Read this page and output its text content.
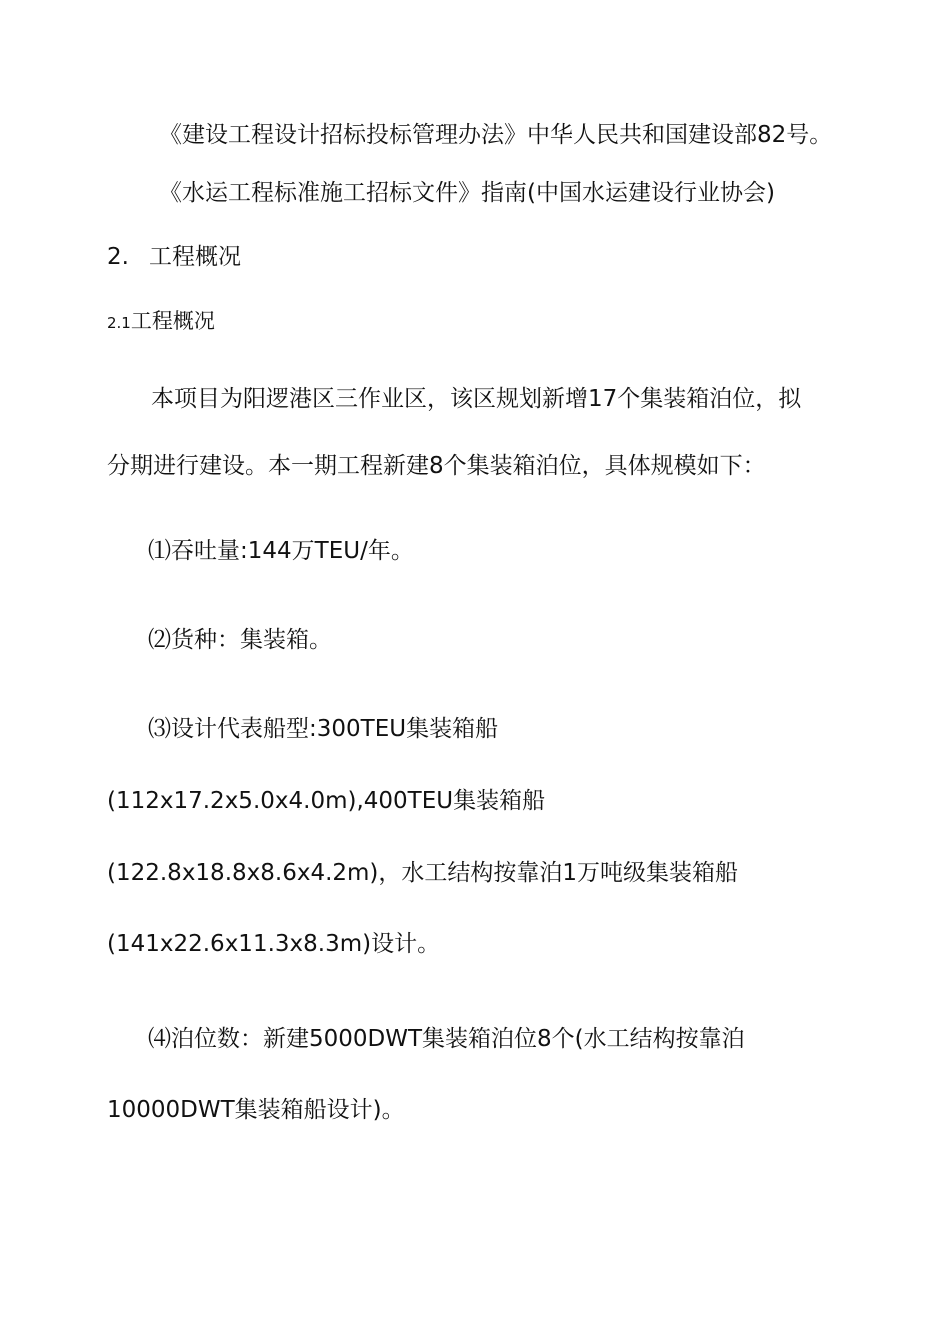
《建设工程设计招标投标管理办法》中华人民共和国建设部82号。
《水运工程标准施工招标文件》指南(中国水运建设行业协会)
2. 工程概况
2.1工程概况
本项目为阳逻港区三作业区，该区规划新增17个集装箱泊位，拟
分期进行建设。本一期工程新建8个集装箱泊位，具体规模如下：
⑴吞吐量:144万TEU/年。
⑵货种：集装箱。
⑶设计代表船型:300TEU集装箱船
(112x17.2x5.0x4.0m),400TEU集装箱船
(122.8x18.8x8.6x4.2m)，水工结构按靠泊1万吨级集装箱船
(141x22.6x11.3x8.3m)设计。
⑷泊位数：新建5000DWT集装箱泊位8个(水工结构按靠泊
10000DWT集装箱船设计)。
